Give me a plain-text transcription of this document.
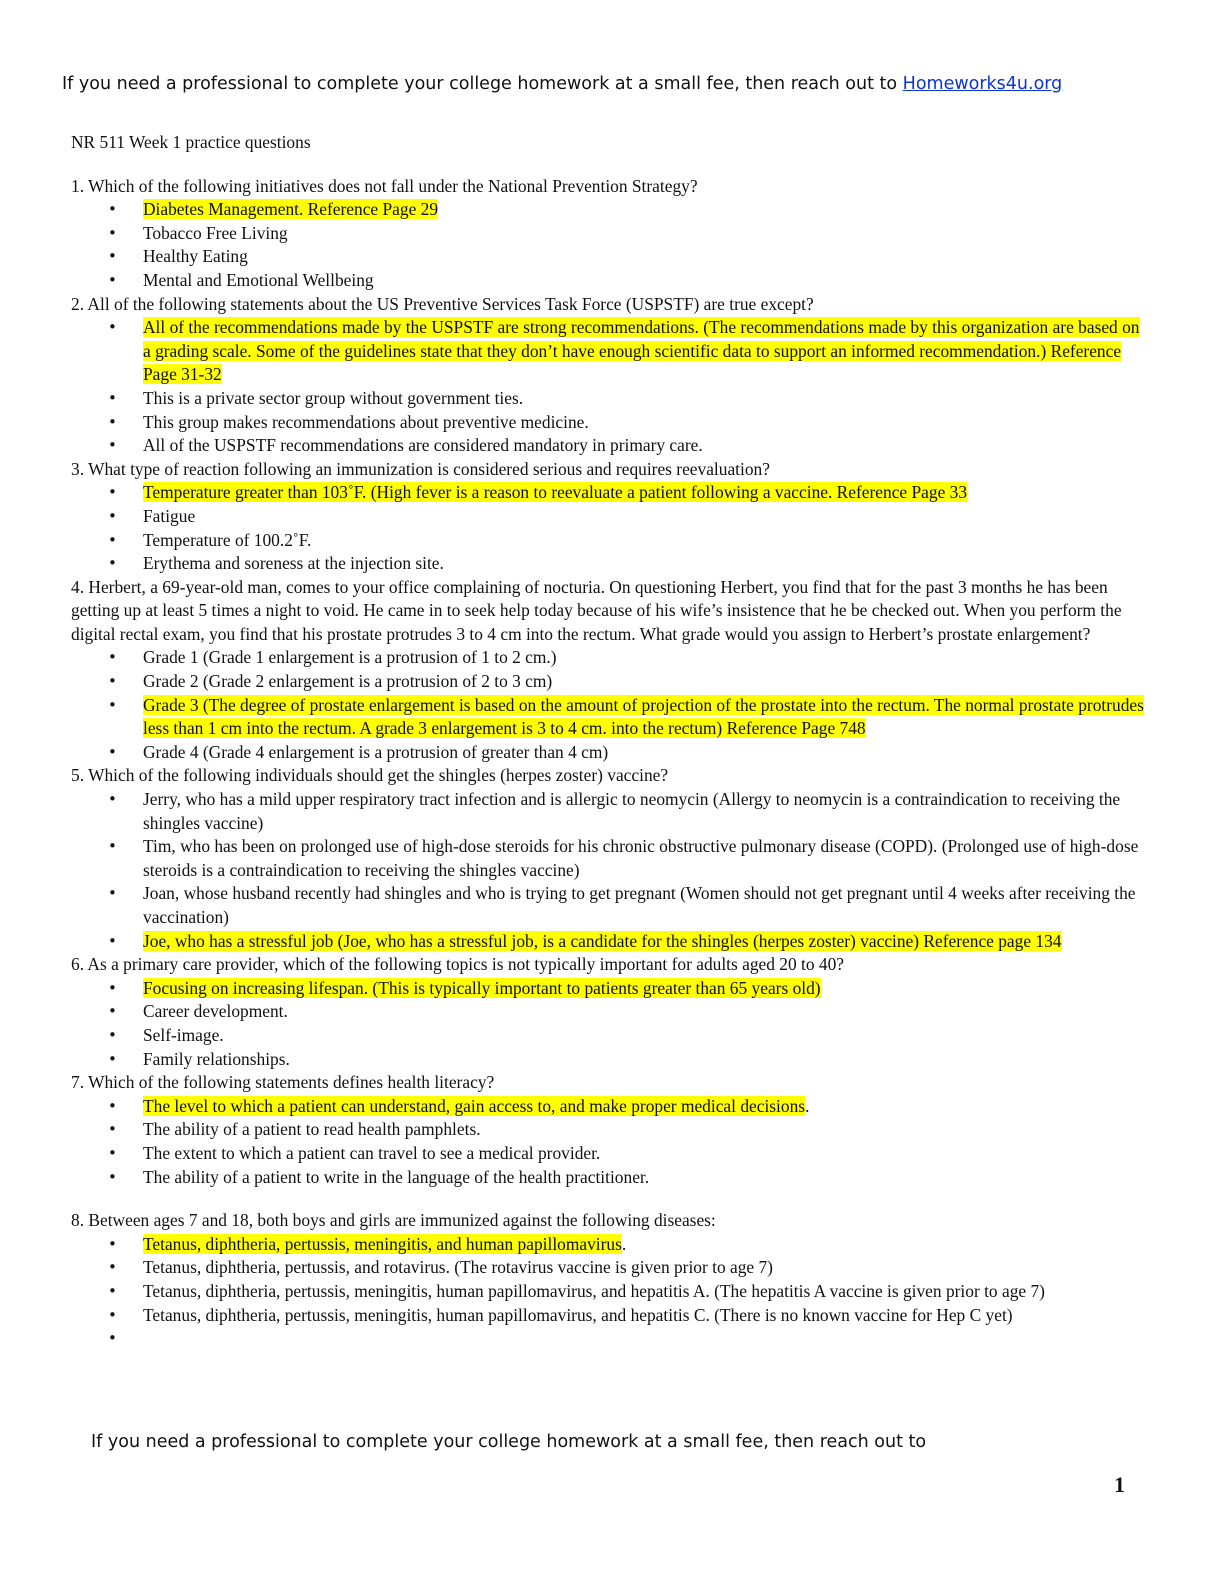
If you need a professional to complete your college homework at a small fee, then reach out to Homeworks4u.org

NR 511 Week 1 practice questions

1. Which of the following initiatives does not fall under the National Prevention Strategy?

• Diabetes Management. Reference Page 29
• Tobacco Free Living
• Healthy Eating
• Mental and Emotional Wellbeing

2. All of the following statements about the US Preventive Services Task Force (USPSTF) are true except?

• All of the recommendations made by the USPSTF are strong recommendations. (The recommendations made by this organization are based on a grading scale. Some of the guidelines state that they don’t have enough scientific data to support an informed recommendation.) Reference Page 31-32
• This is a private sector group without government ties.
• This group makes recommendations about preventive medicine.
• All of the USPSTF recommendations are considered mandatory in primary care.

3. What type of reaction following an immunization is considered serious and requires reevaluation?

• Temperature greater than 103˚F. (High fever is a reason to reevaluate a patient following a vaccine. Reference Page 33
• Fatigue
• Temperature of 100.2˚F.
• Erythema and soreness at the injection site.

4. Herbert, a 69-year-old man, comes to your office complaining of nocturia. On questioning Herbert, you find that for the past 3 months he has been getting up at least 5 times a night to void. He came in to seek help today because of his wife’s insistence that he be checked out. When you perform the digital rectal exam, you find that his prostate protrudes 3 to 4 cm into the rectum. What grade would you assign to Herbert’s prostate enlargement?

• Grade 1 (Grade 1 enlargement is a protrusion of 1 to 2 cm.)
• Grade 2 (Grade 2 enlargement is a protrusion of 2 to 3 cm)
• Grade 3 (The degree of prostate enlargement is based on the amount of projection of the prostate into the rectum. The normal prostate protrudes less than 1 cm into the rectum. A grade 3 enlargement is 3 to 4 cm. into the rectum) Reference Page 748
• Grade 4 (Grade 4 enlargement is a protrusion of greater than 4 cm)

5. Which of the following individuals should get the shingles (herpes zoster) vaccine?

• Jerry, who has a mild upper respiratory tract infection and is allergic to neomycin (Allergy to neomycin is a contraindication to receiving the shingles vaccine)
• Tim, who has been on prolonged use of high-dose steroids for his chronic obstructive pulmonary disease (COPD). (Prolonged use of high-dose steroids is a contraindication to receiving the shingles vaccine)
• Joan, whose husband recently had shingles and who is trying to get pregnant (Women should not get pregnant until 4 weeks after receiving the vaccination)
• Joe, who has a stressful job (Joe, who has a stressful job, is a candidate for the shingles (herpes zoster) vaccine) Reference page 134

6. As a primary care provider, which of the following topics is not typically important for adults aged 20 to 40?

• Focusing on increasing lifespan. (This is typically important to patients greater than 65 years old)
• Career development.
• Self-image.
• Family relationships.

7. Which of the following statements defines health literacy?

• The level to which a patient can understand, gain access to, and make proper medical decisions.
• The ability of a patient to read health pamphlets.
• The extent to which a patient can travel to see a medical provider.
• The ability of a patient to write in the language of the health practitioner.

8. Between ages 7 and 18, both boys and girls are immunized against the following diseases:

• Tetanus, diphtheria, pertussis, meningitis, and human papillomavirus.
• Tetanus, diphtheria, pertussis, and rotavirus. (The rotavirus vaccine is given prior to age 7)
• Tetanus, diphtheria, pertussis, meningitis, human papillomavirus, and hepatitis A. (The hepatitis A vaccine is given prior to age 7)
• Tetanus, diphtheria, pertussis, meningitis, human papillomavirus, and hepatitis C. (There is no known vaccine for Hep C yet)
If you need a professional to complete your college homework at a small fee, then reach out to
1
